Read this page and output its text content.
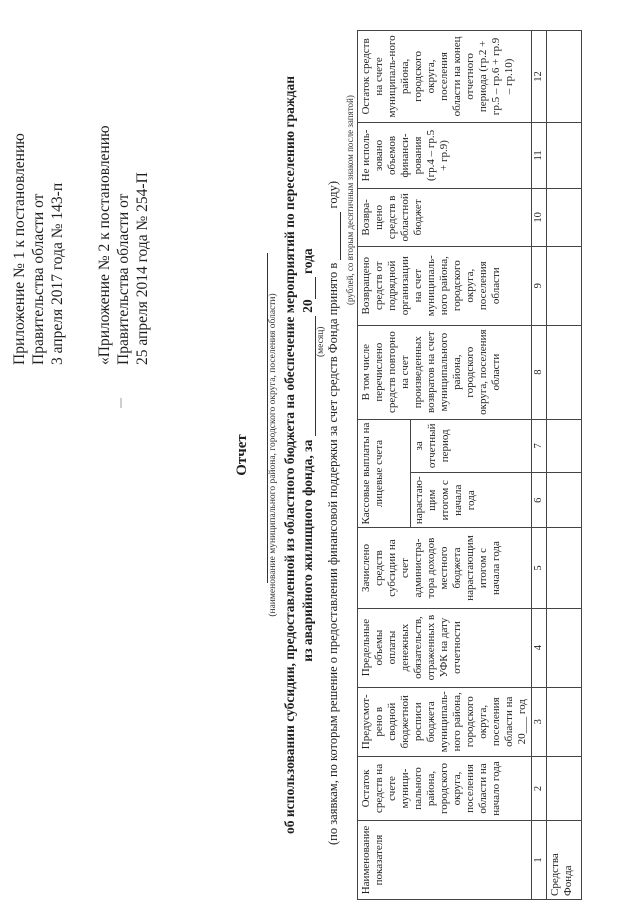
Приложение № 1 к постановлению Правительства области от 3 апреля 2017 года № 143-п «Приложение № 2 к постановлению Правительства области от 25 апреля 2014 года № 254-П
Отчет (наименование муниципального района, городского округа, поселения области) об использовании субсидии, предоставленной из областного бюджета на обеспечение мероприятий по переселению граждан из аварийного жилищного фонда, за  20 года
(месяц) (по заявкам, по которым решение о предоставлении финансовой поддержки за счет средств Фонда принято в  году) (рублей, со вторым десятичным знаком после запятой)
Наименование показателя	Остаток средств на счете муници-пального района, городского округа, поселения области на начало года	Предусмот-рено в сводной бюджетной росписи бюджета муниципаль-ного района, городского округа, поселения области на 20___ год	Предельные объемы оплаты денежных обязательств, отраженных в УФК на дату отчетности	Зачислено средств субсидии на счет администра-тора доходов местного бюджета нарастающим итогом с начала года	Кассовые выплаты на лицевые счета		В том числе перечислено средств повторно на счет произведенных возвратов на счет муниципального района, городского округа, поселения области	Возвращено средств от подрядной организации на счет муниципаль-ного района, городского округа, поселения области	Возвра-щено средств в областной бюджет	Не исполь-зовано объемов финанси-рования (гр.4 – гр.5 + гр.9)	Остаток средств на счете муниципаль-ного района, городского округа, поселения области на конец отчетного периода (гр.2 + гр.5 – гр.6 + гр.9 – гр.10)
					нарастаю-щим итогом с начала года	за отчетный период					
1	2	3	4	5	6	7	8	9	10	11	12
Средства Фонда											
